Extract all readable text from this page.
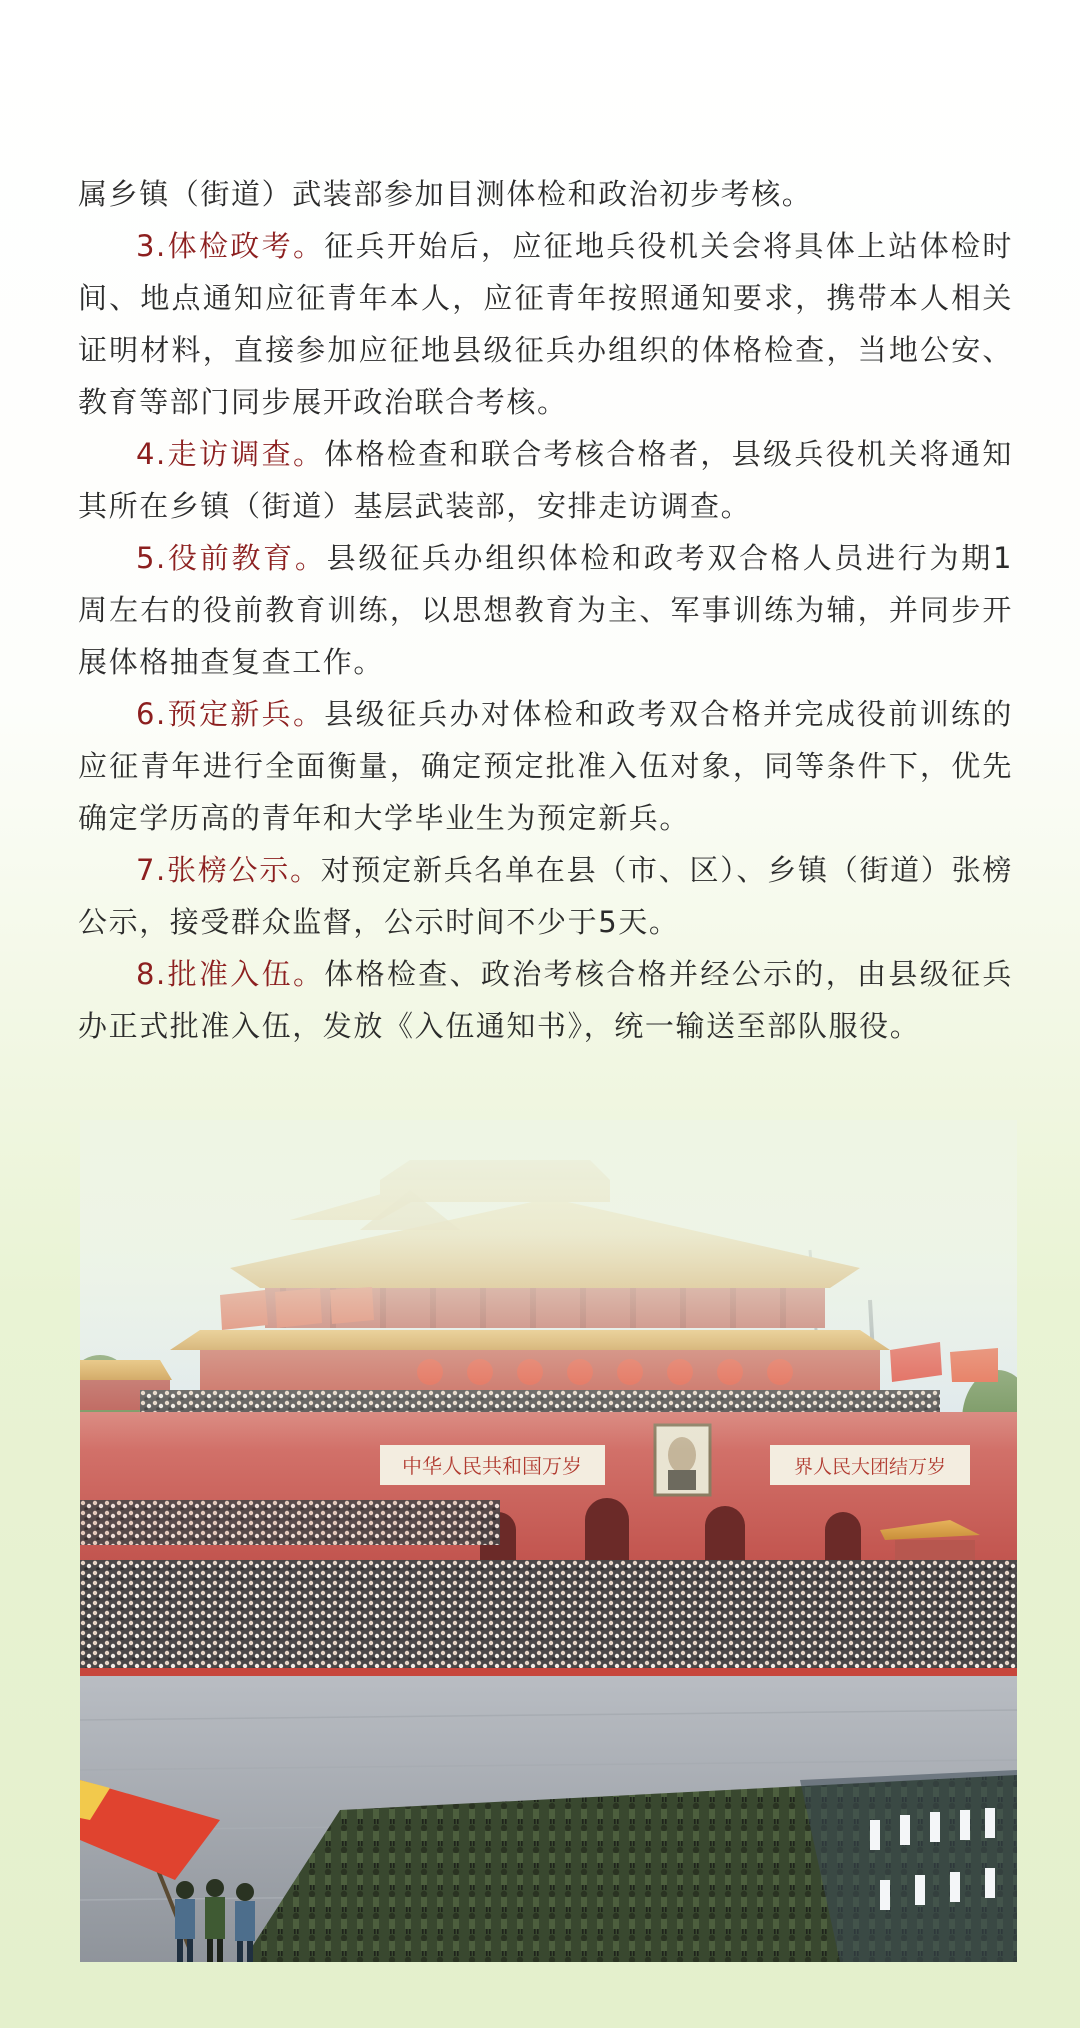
属乡镇（街道）武装部参加目测体检和政治初步考核。

3.体检政考。征兵开始后，应征地兵役机关会将具体上站体检时间、地点通知应征青年本人，应征青年按照通知要求，携带本人相关证明材料，直接参加应征地县级征兵办组织的体格检查，当地公安、教育等部门同步展开政治联合考核。

4.走访调查。体格检查和联合考核合格者，县级兵役机关将通知其所在乡镇（街道）基层武装部，安排走访调查。

5.役前教育。县级征兵办组织体检和政考双合格人员进行为期1周左右的役前教育训练，以思想教育为主、军事训练为辅，并同步开展体格抽查复查工作。

6.预定新兵。县级征兵办对体检和政考双合格并完成役前训练的应征青年进行全面衡量，确定预定批准入伍对象，同等条件下，优先确定学历高的青年和大学毕业生为预定新兵。

7.张榜公示。对预定新兵名单在县（市、区）、乡镇（街道）张榜公示，接受群众监督，公示时间不少于5天。

8.批准入伍。体格检查、政治考核合格并经公示的，由县级征兵办正式批准入伍，发放《入伍通知书》，统一输送至部队服役。

中华人民共和国万岁	界人民大团结万岁
